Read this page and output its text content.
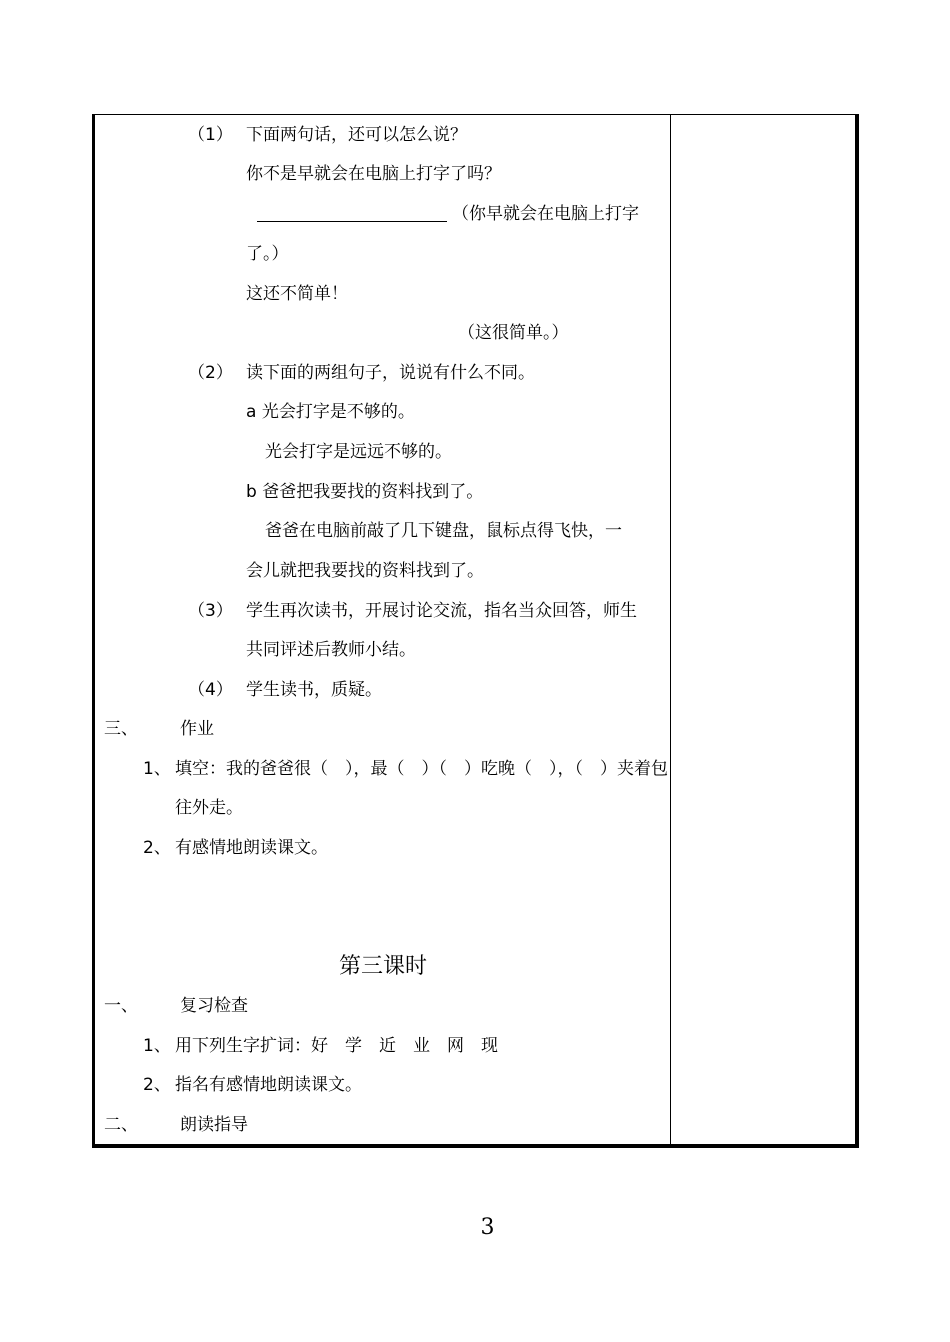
（1） 下面两句话，还可以怎么说？
你不是早就会在电脑上打字了吗？
（你早就会在电脑上打字
了。）
这还不简单！
（这很简单。）
（2） 读下面的两组句子，说说有什么不同。
a 光会打字是不够的。
光会打字是远远不够的。
b 爸爸把我要找的资料找到了。
爸爸在电脑前敲了几下键盘，鼠标点得飞快，一
会儿就把我要找的资料找到了。
（3） 学生再次读书，开展讨论交流，指名当众回答，师生
共同评述后教师小结。
（4） 学生读书，质疑。
三、 作业
1、 填空：我的爸爸很（　），最（　）（　）吃晚（　），（　）夹着包
往外走。
2、 有感情地朗读课文。
第三课时
一、 复习检查
1、 用下列生字扩词：好　学　近　业　网　现
2、 指名有感情地朗读课文。
二、 朗读指导
3
